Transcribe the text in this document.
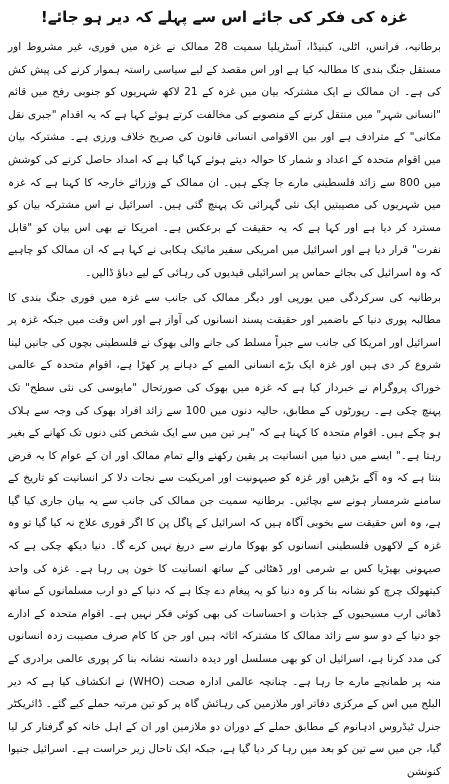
غزہ کی فکر کی جائے اس سے پہلے کہ دیر ہو جائے!

برطانیہ، فرانس، اٹلی، کینیڈا، آسٹریلیا سمیت 28 ممالک نے غزہ میں فوری، غیر مشروط اور مستقل جنگ بندی کا مطالبہ کیا ہے اور اس مقصد کے لیے سیاسی راستہ ہموار کرنے کی پیش کش کی ہے۔ ان ممالک نے ایک مشترکہ بیان میں غزہ کے 21 لاکھ شہریوں کو جنوبی رفح میں قائم "انسانی شہر" میں منتقل کرنے کے منصوبے کی مخالفت کرتے ہوئے کہا ہے کہ یہ اقدام "جبری نقل مکانی" کے مترادف ہے اور بین الاقوامی انسانی قانون کی صریح خلاف ورزی ہے۔ مشترکہ بیان میں اقوام متحدہ کے اعداد و شمار کا حوالہ دیتے ہوئے کہا گیا ہے کہ امداد حاصل کرنے کی کوشش میں 800 سے زائد فلسطینی مارے جا چکے ہیں۔ ان ممالک کے وزرائے خارجہ کا کہنا ہے کہ غزہ میں شہریوں کی مصیبتیں ایک نئی گہرائی تک پہنچ گئی ہیں۔ اسرائیل نے اس مشترکہ بیان کو مسترد کر دیا ہے اور کہا ہے کہ یہ حقیقت کے برعکس ہے۔ امریکا نے بھی اس بیان کو "قابل نفرت" قرار دیا ہے اور اسرائیل میں امریکی سفیر مائیک ہکابی نے کہا ہے کہ ان ممالک کو چاہیے کہ وہ اسرائیل کی بجائے حماس پر اسرائیلی قیدیوں کی رہائی کے لیے دباؤ ڈالیں۔

برطانیہ کی سرکردگی میں یورپی اور دیگر ممالک کی جانب سے غزہ میں فوری جنگ بندی کا مطالبہ پوری دنیا کے باضمیر اور حقیقت پسند انسانوں کی آواز ہے اور اس وقت میں جبکہ غزہ پر اسرائیل اور امریکا کی جانب سے جبراً مسلط کی جانے والی بھوک نے فلسطینی بچوں کی جانیں لینا شروع کر دی ہیں اور غزہ ایک بڑے انسانی المیے کے دہانے پر کھڑا ہے، اقوام متحدہ کے عالمی خوراک پروگرام نے خبردار کیا ہے کہ غزہ میں بھوک کی صورتحال "مایوسی کی نئی سطح" تک پہنچ چکی ہے۔ رپورٹوں کے مطابق، حالیہ دنوں میں 100 سے زائد افراد بھوک کی وجہ سے ہلاک ہو چکے ہیں۔ اقوام متحدہ کا کہنا ہے کہ "ہر تین میں سے ایک شخص کئی دنوں تک کھانے کے بغیر رہتا ہے۔" ایسے میں دنیا میں انسانیت پر یقین رکھنے والے تمام ممالک اور ان کے عوام کا یہ فرض بنتا ہے کہ وہ آگے بڑھیں اور غزہ کو صیہونیت اور امریکیت سے نجات دلا کر انسانیت کو تاریخ کے سامنے شرمسار ہونے سے بچائیں۔ برطانیہ سمیت جن ممالک کی جانب سے یہ بیان جاری کیا گیا ہے، وہ اس حقیقت سے بخوبی آگاہ ہیں کہ اسرائیل کے پاگل پن کا اگر فوری علاج نہ کیا گیا تو وہ غزہ کے لاکھوں فلسطینی انسانوں کو بھوکا مارنے سے دریغ نہیں کرے گا۔ دنیا دیکھ چکی ہے کہ صیہونی بھیڑیا کس بے شرمی اور ڈھٹائی کے ساتھ انسانیت کا خون پی رہا ہے۔ غزہ کی واحد کیتھولک چرچ کو نشانہ بنا کر وہ دنیا کو یہ پیغام دے چکا ہے کہ دنیا کے دو ارب مسلمانوں کے ساتھ ڈھائی ارب مسیحیوں کے جذبات و احساسات کی بھی کوئی فکر نہیں ہے۔ اقوام متحدہ کے ادارے جو دنیا کے دو سو سے زائد ممالک کا مشترکہ اثاثہ ہیں اور جن کا کام صرف مصیبت زدہ انسانوں کی مدد کرنا ہے، اسرائیل ان کو بھی مسلسل اور دیدہ دانستہ نشانہ بنا کر پوری عالمی برادری کے منہ پر طمانچے مارے جا رہا ہے۔ چنانچہ عالمی ادارہ صحت (WHO) نے انکشاف کیا ہے کہ دیر البلح میں اس کے مرکزی دفاتر اور ملازمین کی رہائش گاہ پر کو تین مرتبہ حملے کیے گئے۔ ڈائریکٹر جنرل ٹیڈروس ادہانوم کے مطابق حملے کے دوران دو ملازمین اور ان کے اہل خانہ کو گرفتار کر لیا گیا، جن میں سے تین کو بعد میں رہا کر دیا گیا ہے، جبکہ ایک تاحال زیر حراست ہے۔ اسرائیل جنیوا کنونشن
